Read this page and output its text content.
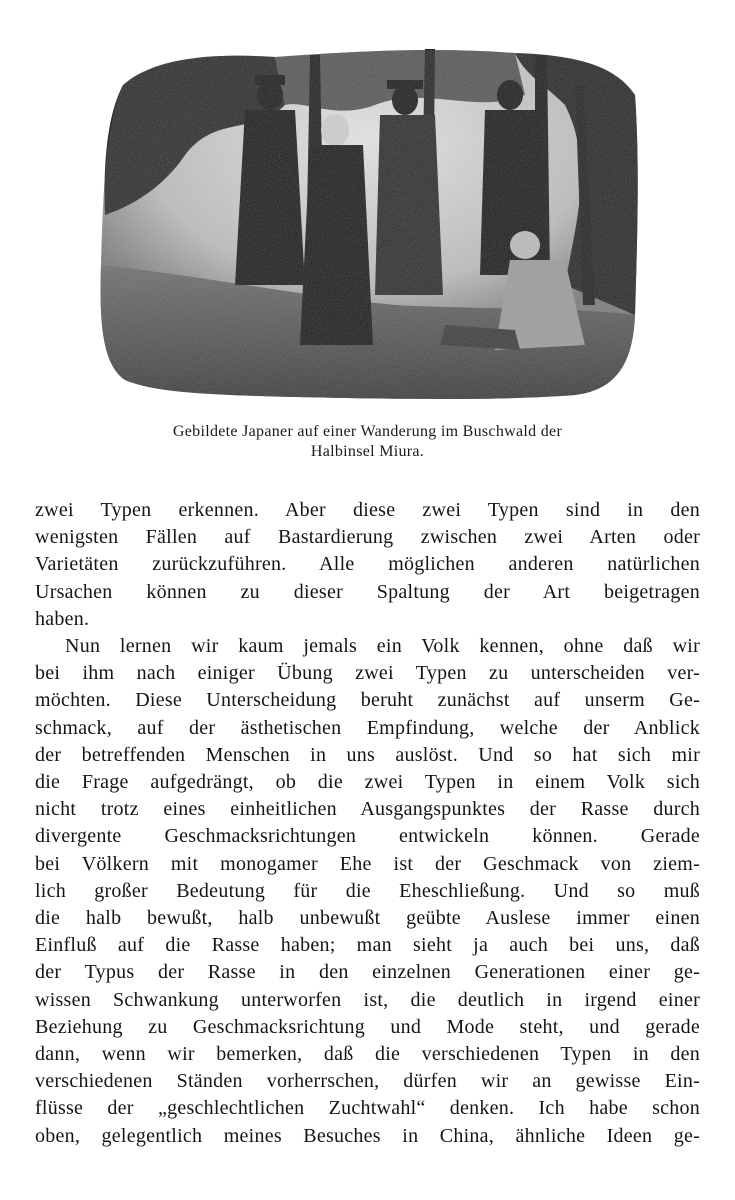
Gebildete Japaner auf einer Wanderung im Buschwald der
Halbinsel Miura.
zwei Typen erkennen. Aber diese zwei Typen sind in den
wenigsten Fällen auf Bastardierung zwischen zwei Arten oder
Varietäten zurückzuführen. Alle möglichen anderen natürlichen
Ursachen können zu dieser Spaltung der Art beigetragen
haben.
Nun lernen wir kaum jemals ein Volk kennen, ohne daß wir
bei ihm nach einiger Übung zwei Typen zu unterscheiden ver-
möchten. Diese Unterscheidung beruht zunächst auf unserm Ge-
schmack, auf der ästhetischen Empfindung, welche der Anblick
der betreffenden Menschen in uns auslöst. Und so hat sich mir
die Frage aufgedrängt, ob die zwei Typen in einem Volk sich
nicht trotz eines einheitlichen Ausgangspunktes der Rasse durch
divergente Geschmacksrichtungen entwickeln können. Gerade
bei Völkern mit monogamer Ehe ist der Geschmack von ziem-
lich großer Bedeutung für die Eheschließung. Und so muß
die halb bewußt, halb unbewußt geübte Auslese immer einen
Einfluß auf die Rasse haben; man sieht ja auch bei uns, daß
der Typus der Rasse in den einzelnen Generationen einer ge-
wissen Schwankung unterworfen ist, die deutlich in irgend einer
Beziehung zu Geschmacksrichtung und Mode steht, und gerade
dann, wenn wir bemerken, daß die verschiedenen Typen in den
verschiedenen Ständen vorherrschen, dürfen wir an gewisse Ein-
flüsse der „geschlechtlichen Zuchtwahl“ denken. Ich habe schon
oben, gelegentlich meines Besuches in China, ähnliche Ideen ge-
